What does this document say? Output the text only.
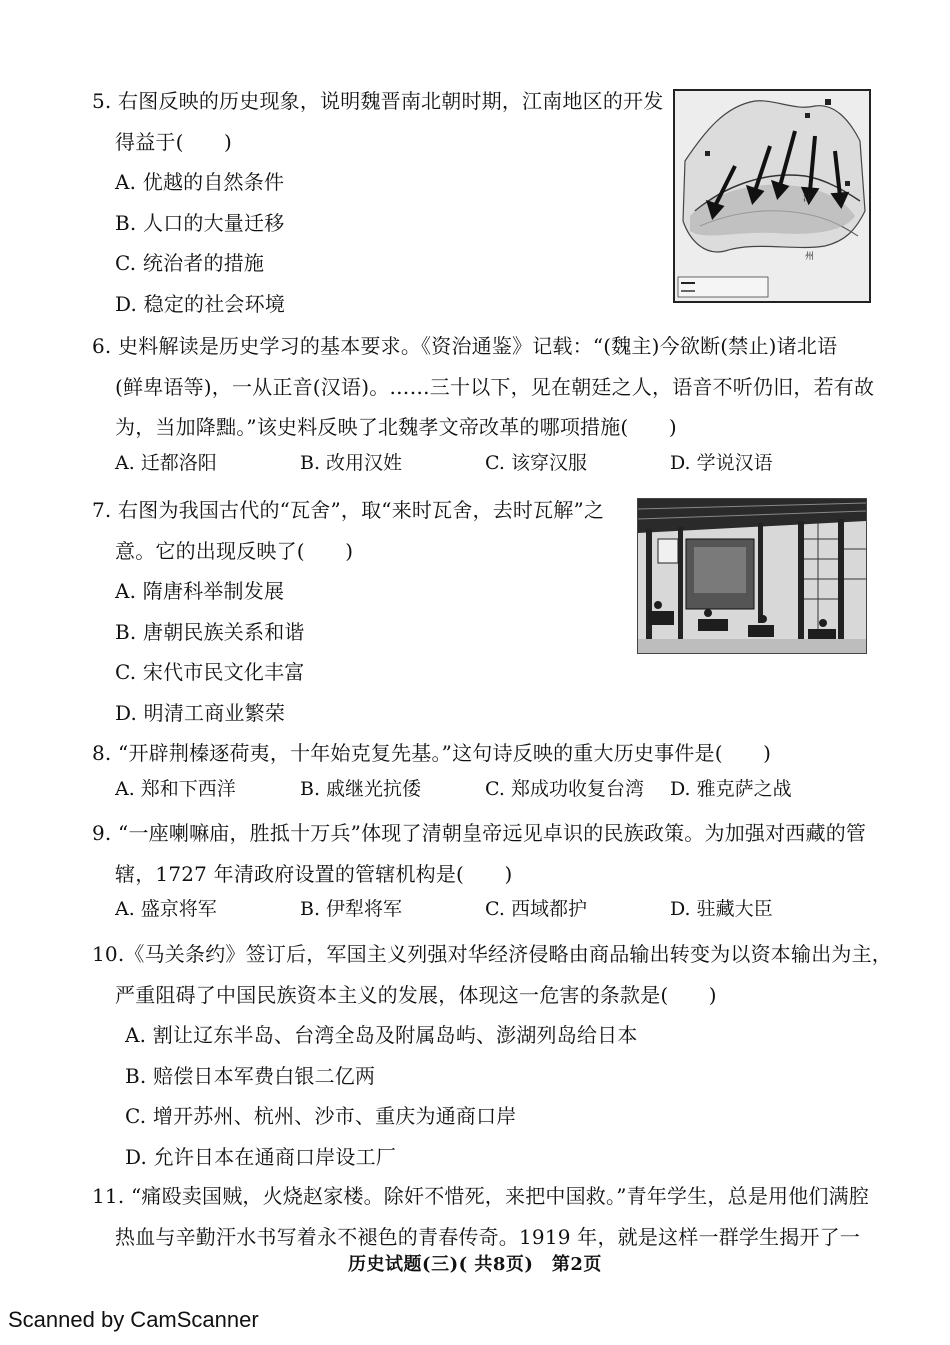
5. 右图反映的历史现象，说明魏晋南北朝时期，江南地区的开发
得益于(　　)
A. 优越的自然条件
B. 人口的大量迁移
C. 统治者的措施
D. 稳定的社会环境
江
州
6. 史料解读是历史学习的基本要求。《资治通鉴》记载：“(魏主)今欲断(禁止)诸北语
(鲜卑语等)，一从正音(汉语)。……三十以下，见在朝廷之人，语音不听仍旧，若有故
为，当加降黜。”该史料反映了北魏孝文帝改革的哪项措施(　　)
A. 迁都洛阳	B. 改用汉姓	C. 该穿汉服	D. 学说汉语
7. 右图为我国古代的“瓦舍”，取“来时瓦舍，去时瓦解”之
意。它的出现反映了(　　)
A. 隋唐科举制发展
B. 唐朝民族关系和谐
C. 宋代市民文化丰富
D. 明清工商业繁荣
8. “开辟荆榛逐荷夷，十年始克复先基。”这句诗反映的重大历史事件是(　　)
A. 郑和下西洋	B. 戚继光抗倭	C. 郑成功收复台湾 D. 雅克萨之战
9. “一座喇嘛庙，胜抵十万兵”体现了清朝皇帝远见卓识的民族政策。为加强对西藏的管
辖，1727 年清政府设置的管辖机构是(　　)
A. 盛京将军	B. 伊犁将军	C. 西域都护	D. 驻藏大臣
10.《马关条约》签订后，军国主义列强对华经济侵略由商品输出转变为以资本输出为主，
严重阻碍了中国民族资本主义的发展，体现这一危害的条款是(　　)
A. 割让辽东半岛、台湾全岛及附属岛屿、澎湖列岛给日本
B. 赔偿日本军费白银二亿两
C. 增开苏州、杭州、沙市、重庆为通商口岸
D. 允许日本在通商口岸设工厂
11. “痛殴卖国贼，火烧赵家楼。除奸不惜死，来把中国救。”青年学生，总是用他们满腔
热血与辛勤汗水书写着永不褪色的青春传奇。1919 年，就是这样一群学生揭开了一
历史试题(三)( 共8页)　第2页
Scanned by CamScanner
